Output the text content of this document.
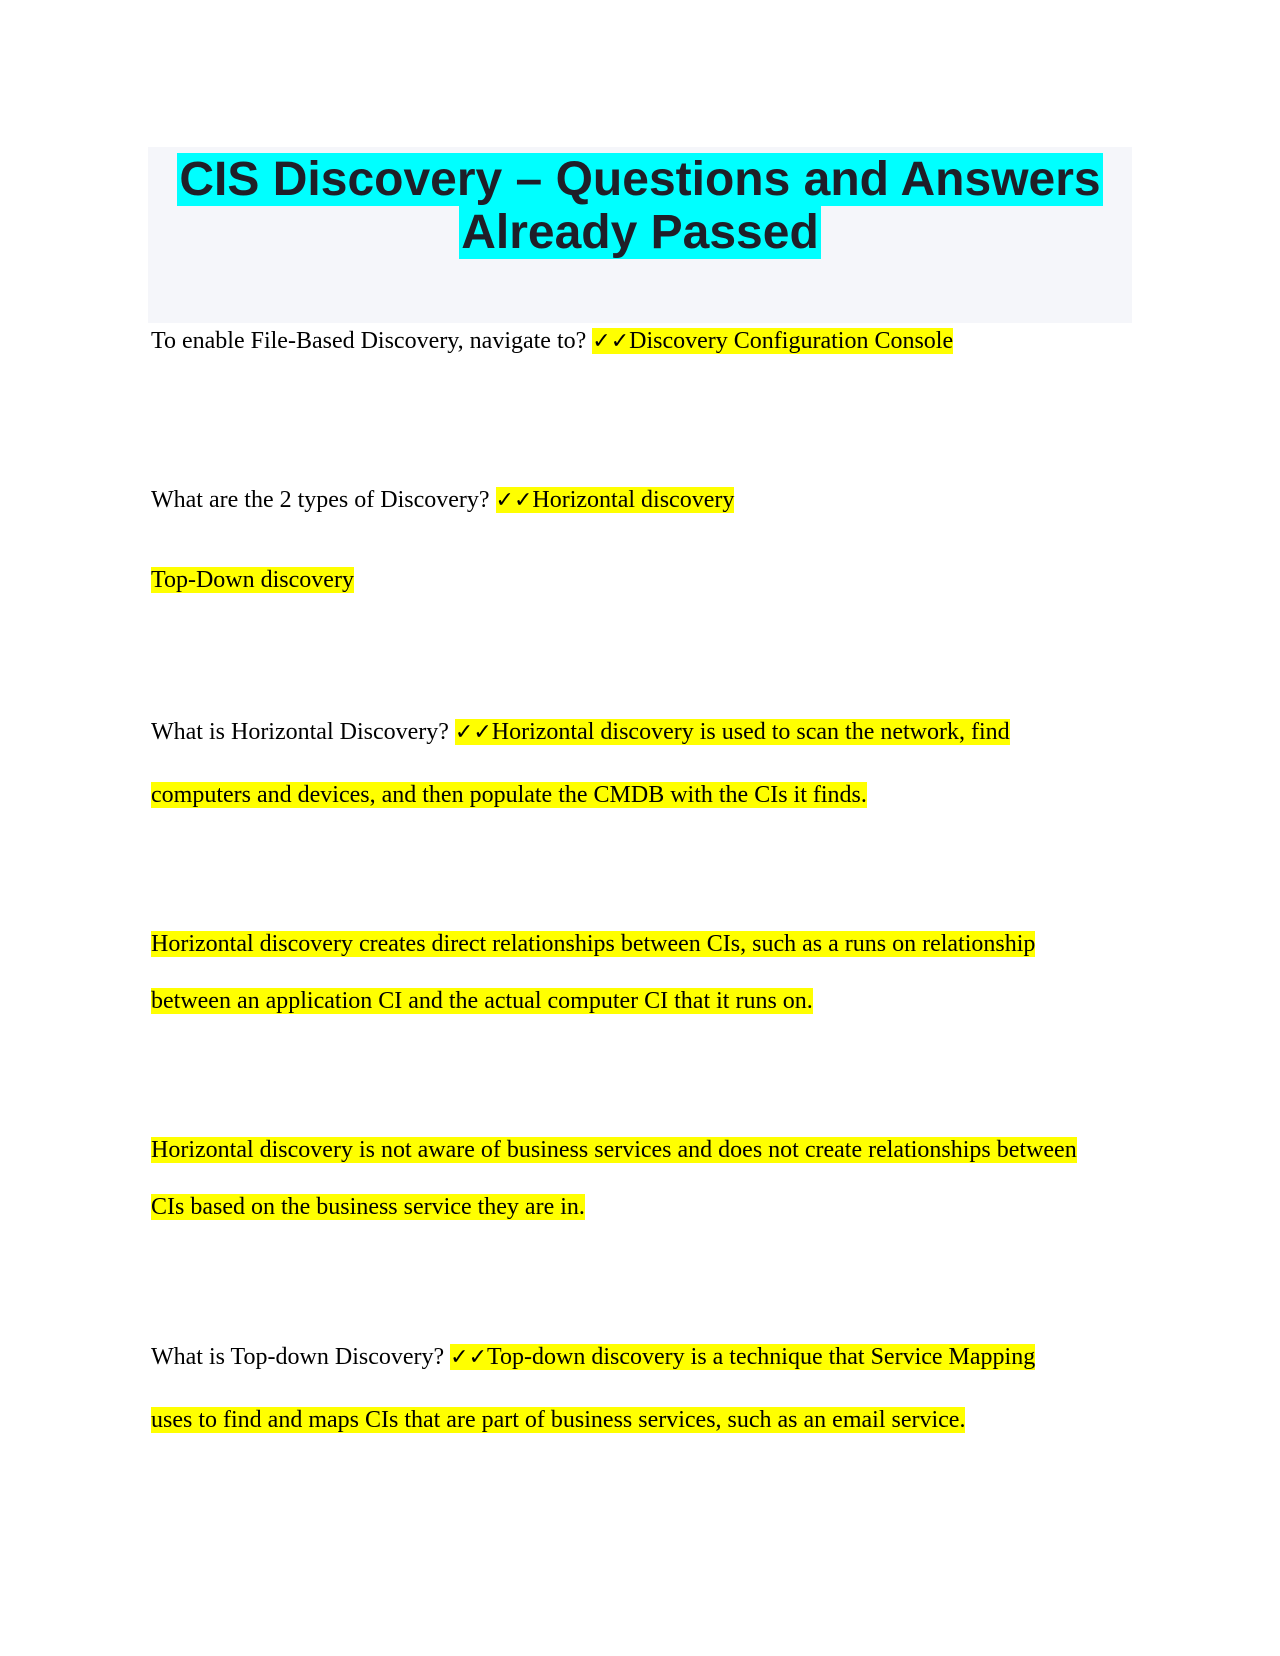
CIS Discovery – Questions and Answers
Already Passed
To enable File-Based Discovery, navigate to? ✓✓Discovery Configuration Console
What are the 2 types of Discovery? ✓✓Horizontal discovery
Top-Down discovery
What is Horizontal Discovery? ✓✓Horizontal discovery is used to scan the network, find
computers and devices, and then populate the CMDB with the CIs it finds.
Horizontal discovery creates direct relationships between CIs, such as a runs on relationship
between an application CI and the actual computer CI that it runs on.
Horizontal discovery is not aware of business services and does not create relationships between
CIs based on the business service they are in.
What is Top-down Discovery? ✓✓Top-down discovery is a technique that Service Mapping
uses to find and maps CIs that are part of business services, such as an email service.
